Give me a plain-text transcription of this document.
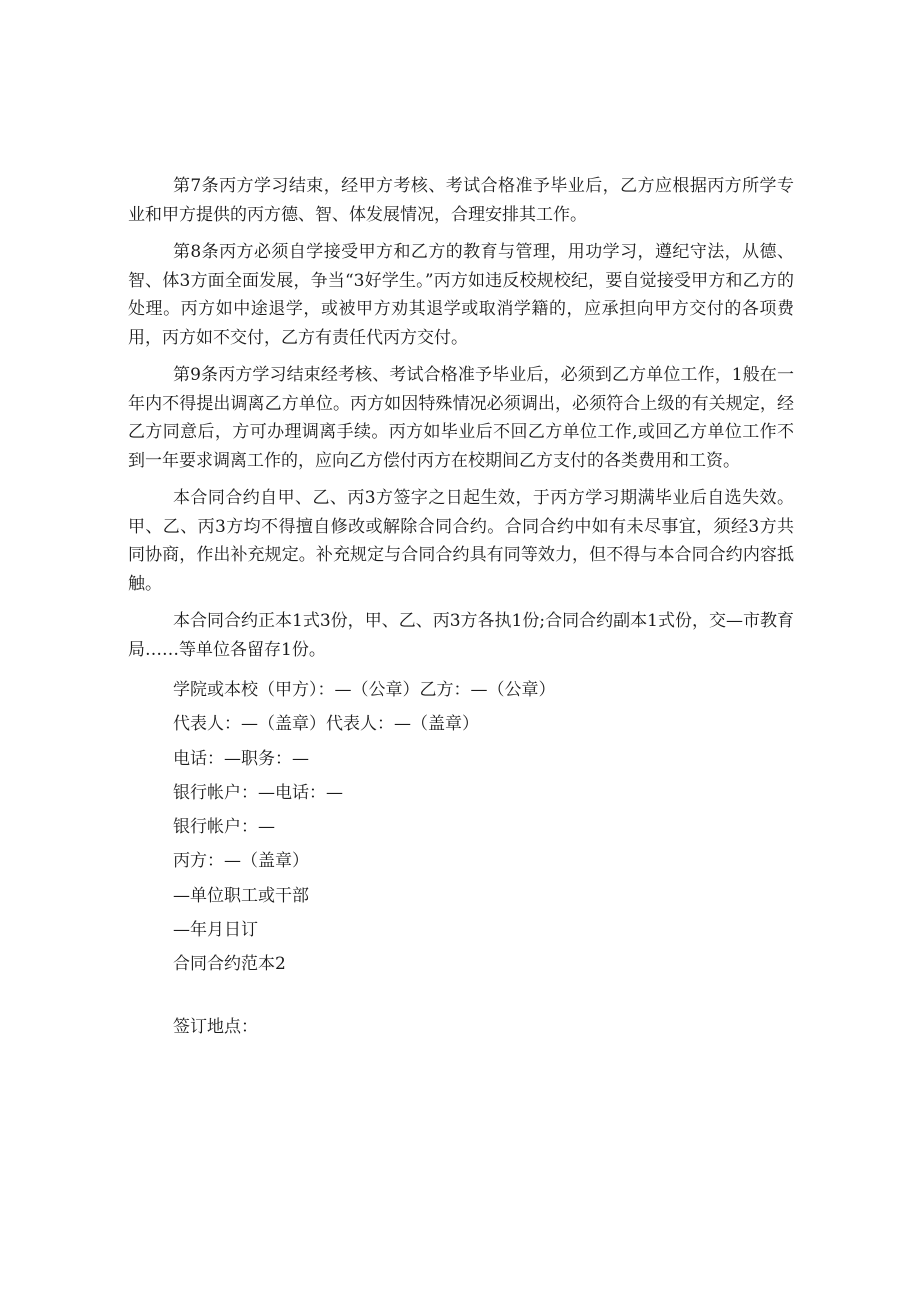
第7条丙方学习结束，经甲方考核、考试合格准予毕业后，乙方应根据丙方所学专业和甲方提供的丙方德、智、体发展情况，合理安排其工作。

第8条丙方必须自学接受甲方和乙方的教育与管理，用功学习，遵纪守法，从德、智、体3方面全面发展，争当“3好学生。”丙方如违反校规校纪，要自觉接受甲方和乙方的处理。丙方如中途退学，或被甲方劝其退学或取消学籍的，应承担向甲方交付的各项费用，丙方如不交付，乙方有责任代丙方交付。

第9条丙方学习结束经考核、考试合格准予毕业后，必须到乙方单位工作，1般在一年内不得提出调离乙方单位。丙方如因特殊情况必须调出，必须符合上级的有关规定，经乙方同意后，方可办理调离手续。丙方如毕业后不回乙方单位工作,或回乙方单位工作不到一年要求调离工作的，应向乙方偿付丙方在校期间乙方支付的各类费用和工资。

本合同合约自甲、乙、丙3方签字之日起生效，于丙方学习期满毕业后自选失效。甲、乙、丙3方均不得擅自修改或解除合同合约。合同合约中如有未尽事宜，须经3方共同协商，作出补充规定。补充规定与合同合约具有同等效力，但不得与本合同合约内容抵触。

本合同合约正本1式3份，甲、乙、丙3方各执1份;合同合约副本1式份，交—市教育局……等单位各留存1份。

学院或本校（甲方）：—（公章）乙方：—（公章）

代表人：—（盖章）代表人：—（盖章）

电话：—职务：—

银行帐户：—电话：—

银行帐户：—

丙方：—（盖章）

—单位职工或干部

—年月日订

合同合约范本2

签订地点：
